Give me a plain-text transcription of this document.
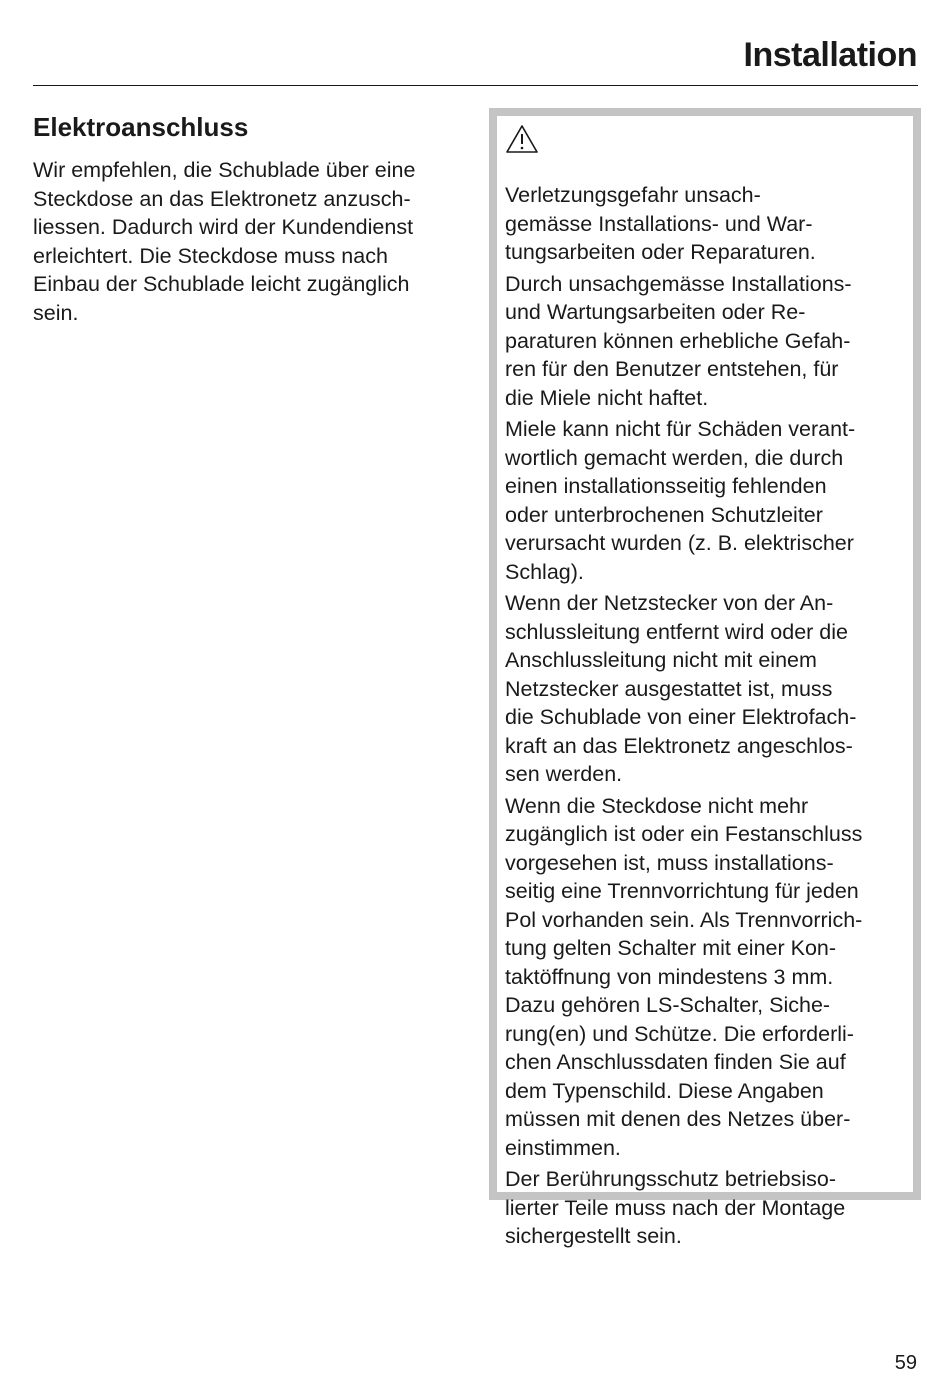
Installation
Elektroanschluss

Wir empfehlen, die Schublade über eine
Steckdose an das Elektronetz anzusch-
liessen. Dadurch wird der Kundendienst
erleichtert. Die Steckdose muss nach
Einbau der Schublade leicht zugänglich
sein.

Verletzungsgefahr unsach-
gemässe Installations- und War-
tungsarbeiten oder Reparaturen.

Durch unsachgemässe Installations-
und Wartungsarbeiten oder Re-
paraturen können erhebliche Gefah-
ren für den Benutzer entstehen, für
die Miele nicht haftet.

Miele kann nicht für Schäden verant-
wortlich gemacht werden, die durch
einen installationsseitig fehlenden
oder unterbrochenen Schutzleiter
verursacht wurden (z. B. elektrischer
Schlag).

Wenn der Netzstecker von der An-
schlussleitung entfernt wird oder die
Anschlussleitung nicht mit einem
Netzstecker ausgestattet ist, muss
die Schublade von einer Elektrofach-
kraft an das Elektronetz angeschlos-
sen werden.

Wenn die Steckdose nicht mehr
zugänglich ist oder ein Festanschluss
vorgesehen ist, muss installations-
seitig eine Trennvorrichtung für jeden
Pol vorhanden sein. Als Trennvorrich-
tung gelten Schalter mit einer Kon-
taktöffnung von mindestens 3 mm.
Dazu gehören LS-Schalter, Siche-
rung(en) und Schütze. Die erforderli-
chen Anschlussdaten finden Sie auf
dem Typenschild. Diese Angaben
müssen mit denen des Netzes über-
einstimmen.

Der Berührungsschutz betriebsiso-
lierter Teile muss nach der Montage
sichergestellt sein.

59
